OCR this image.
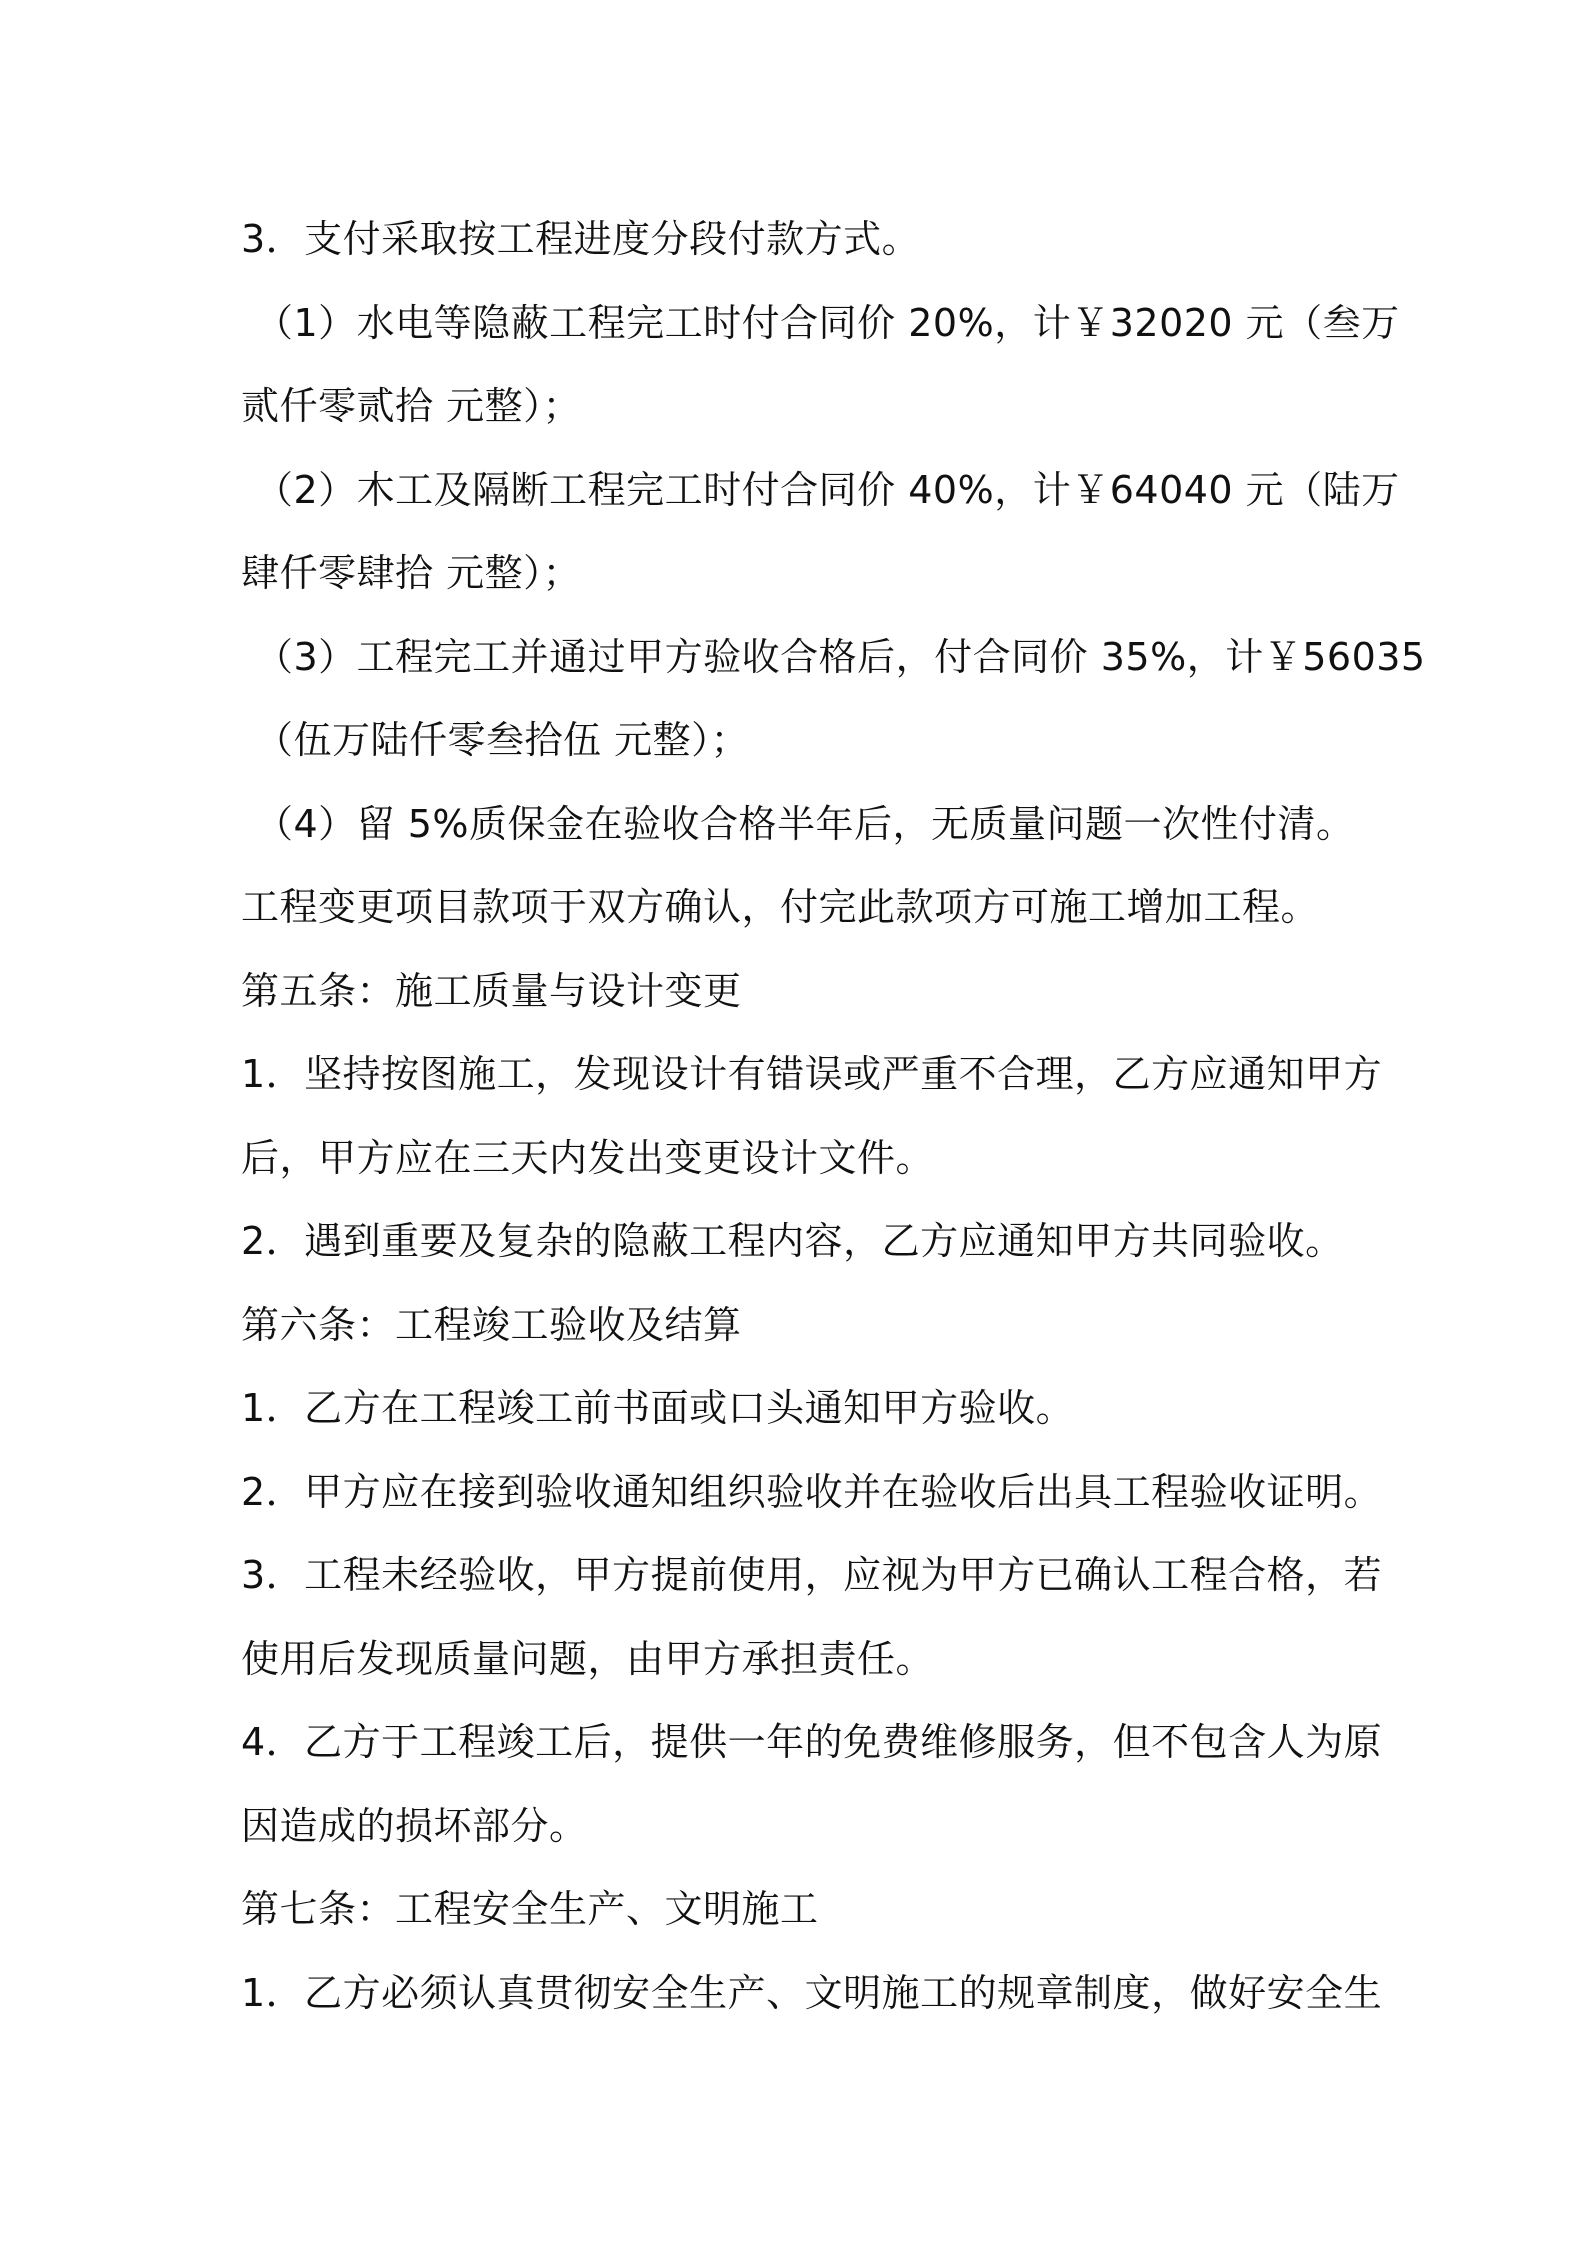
3．支付采取按工程进度分段付款方式。
（1）水电等隐蔽工程完工时付合同价 20%，计￥32020 元（叁万
贰仟零贰拾 元整）；
（2）木工及隔断工程完工时付合同价 40%，计￥64040 元（陆万
肆仟零肆拾 元整）；
（3）工程完工并通过甲方验收合格后，付合同价 35%，计￥56035
（伍万陆仟零叁拾伍 元整）；
（4）留 5%质保金在验收合格半年后，无质量问题一次性付清。
工程变更项目款项于双方确认，付完此款项方可施工增加工程。
第五条：施工质量与设计变更
1．坚持按图施工，发现设计有错误或严重不合理，乙方应通知甲方
后，甲方应在三天内发出变更设计文件。
2．遇到重要及复杂的隐蔽工程内容，乙方应通知甲方共同验收。
第六条：工程竣工验收及结算
1．乙方在工程竣工前书面或口头通知甲方验收。
2．甲方应在接到验收通知组织验收并在验收后出具工程验收证明。
3．工程未经验收，甲方提前使用，应视为甲方已确认工程合格，若
使用后发现质量问题，由甲方承担责任。
4．乙方于工程竣工后，提供一年的免费维修服务，但不包含人为原
因造成的损坏部分。
第七条：工程安全生产、文明施工
1．乙方必须认真贯彻安全生产、文明施工的规章制度，做好安全生
